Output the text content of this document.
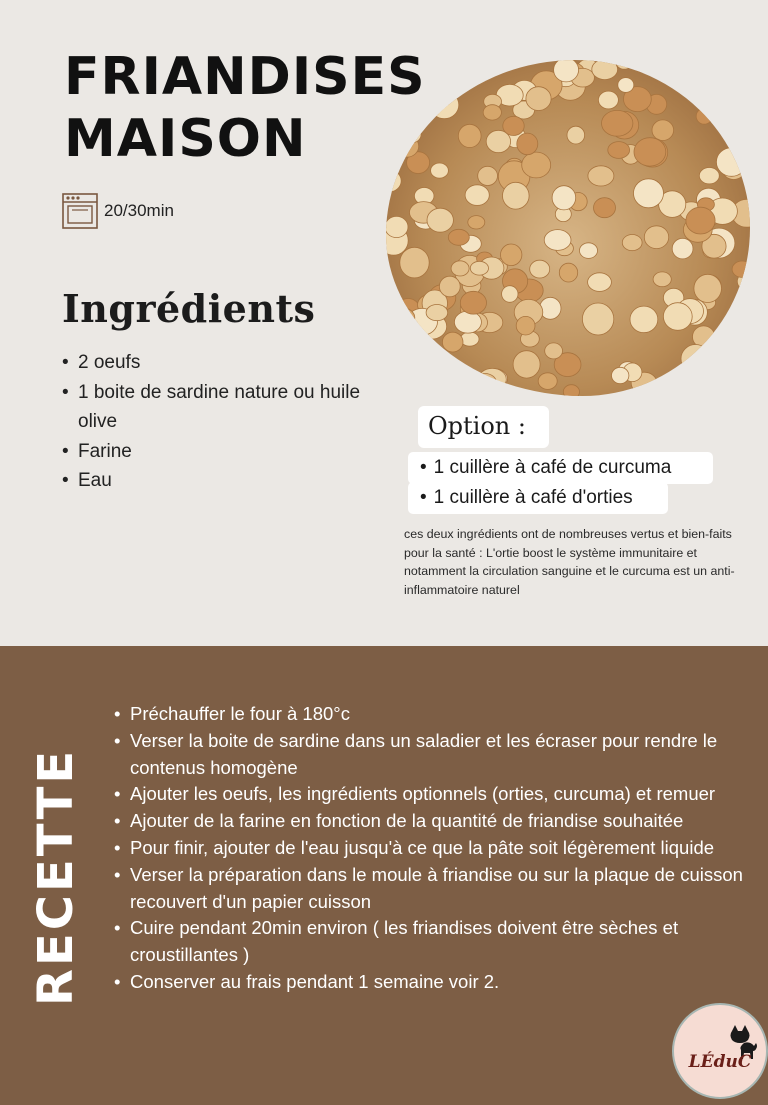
FRIANDISES
MAISON
20/30min
Ingrédients
• 2 oeufs
• 1 boite de sardine nature ou huile olive
• Farine
• Eau
Option :
• 1 cuillère à café de curcuma
• 1 cuillère à café d'orties

ces deux ingrédients ont de nombreuses vertus et bien-faits pour la santé : L'ortie boost le système immunitaire et notamment la circulation sanguine et le curcuma est un anti-inflammatoire naturel

RECETTE
• Préchauffer le four à 180°c
• Verser la boite de sardine dans un saladier et les écraser pour rendre le contenus homogène
• Ajouter les oeufs, les ingrédients optionnels (orties, curcuma) et remuer
• Ajouter de la farine en fonction de la quantité de friandise souhaitée
• Pour finir, ajouter de l'eau jusqu'à ce que la pâte soit légèrement liquide
• Verser la préparation dans le moule à friandise ou sur la plaque de cuisson recouvert d'un papier cuisson
• Cuire pendant 20min environ ( les friandises doivent être sèches et croustillantes )
• Conserver au frais pendant 1 semaine voir 2.
LÉduC
